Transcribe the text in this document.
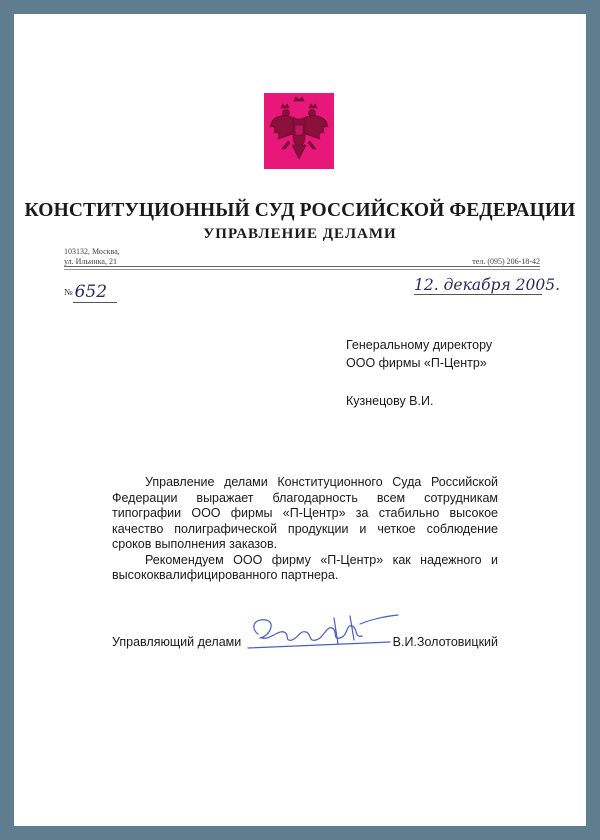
КОНСТИТУЦИОННЫЙ СУД РОССИЙСКОЙ ФЕДЕРАЦИИ
УПРАВЛЕНИЕ ДЕЛАМИ
103132, Москва,
ул. Ильинка, 21	тел. (095) 206-18-42
№ 652	12. декабря 2005.
Генеральному директору
ООО фирмы «П-Центр»
Кузнецову В.И.

Управление делами Конституционного Суда Российской Федерации выражает благодарность всем сотрудникам типографии ООО фирмы «П-Центр» за стабильно высокое качество полиграфической продукции и четкое соблюдение сроков выполнения заказов.

Рекомендуем ООО фирму «П-Центр» как надежного и высококвалифицированного партнера.

Управляющий делами	В.И.Золотовицкий
